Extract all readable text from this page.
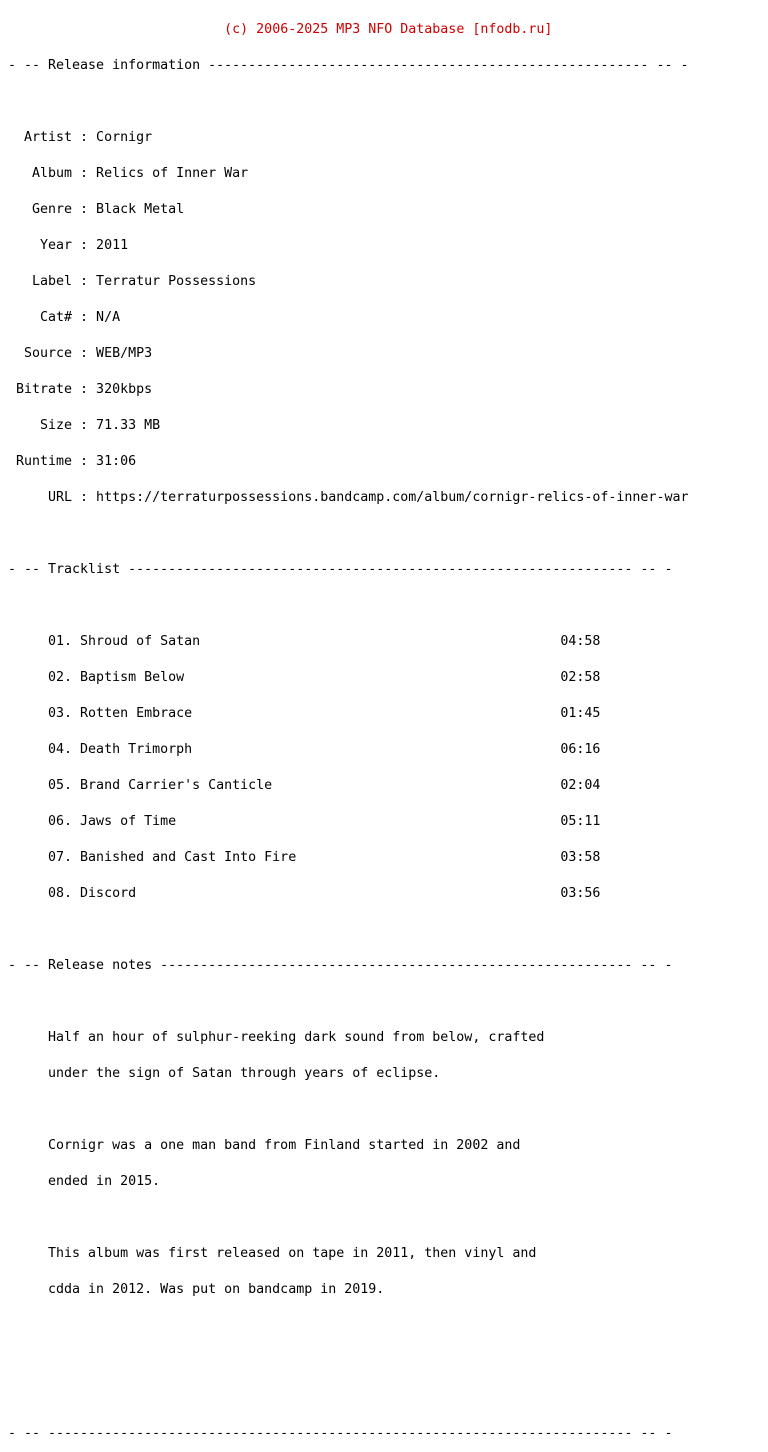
(c) 2006-2025 MP3 NFO Database [nfodb.ru]

- -- Release information ------------------------------------------------------- -- -

Artist : Cornigr

Album : Relics of Inner War

Genre : Black Metal

Year : 2011

Label : Terratur Possessions

Cat# : N/A

Source : WEB/MP3

Bitrate : 320kbps

Size : 71.33 MB

Runtime : 31:06

URL : https://terraturpossessions.bandcamp.com/album/cornigr-relics-of-inner-war

- -- Tracklist --------------------------------------------------------------- -- -

01. Shroud of Satan                                             04:58

02. Baptism Below                                               02:58

03. Rotten Embrace                                              01:45

04. Death Trimorph                                              06:16

05. Brand Carrier's Canticle                                    02:04

06. Jaws of Time                                                05:11

07. Banished and Cast Into Fire                                 03:58

08. Discord                                                     03:56

- -- Release notes ----------------------------------------------------------- -- -

Half an hour of sulphur-reeking dark sound from below, crafted

under the sign of Satan through years of eclipse.

Cornigr was a one man band from Finland started in 2002 and

ended in 2015.

This album was first released on tape in 2011, then vinyl and

cdda in 2012. Was put on bandcamp in 2019.

- -- ------------------------------------------------------------------------- -- -
